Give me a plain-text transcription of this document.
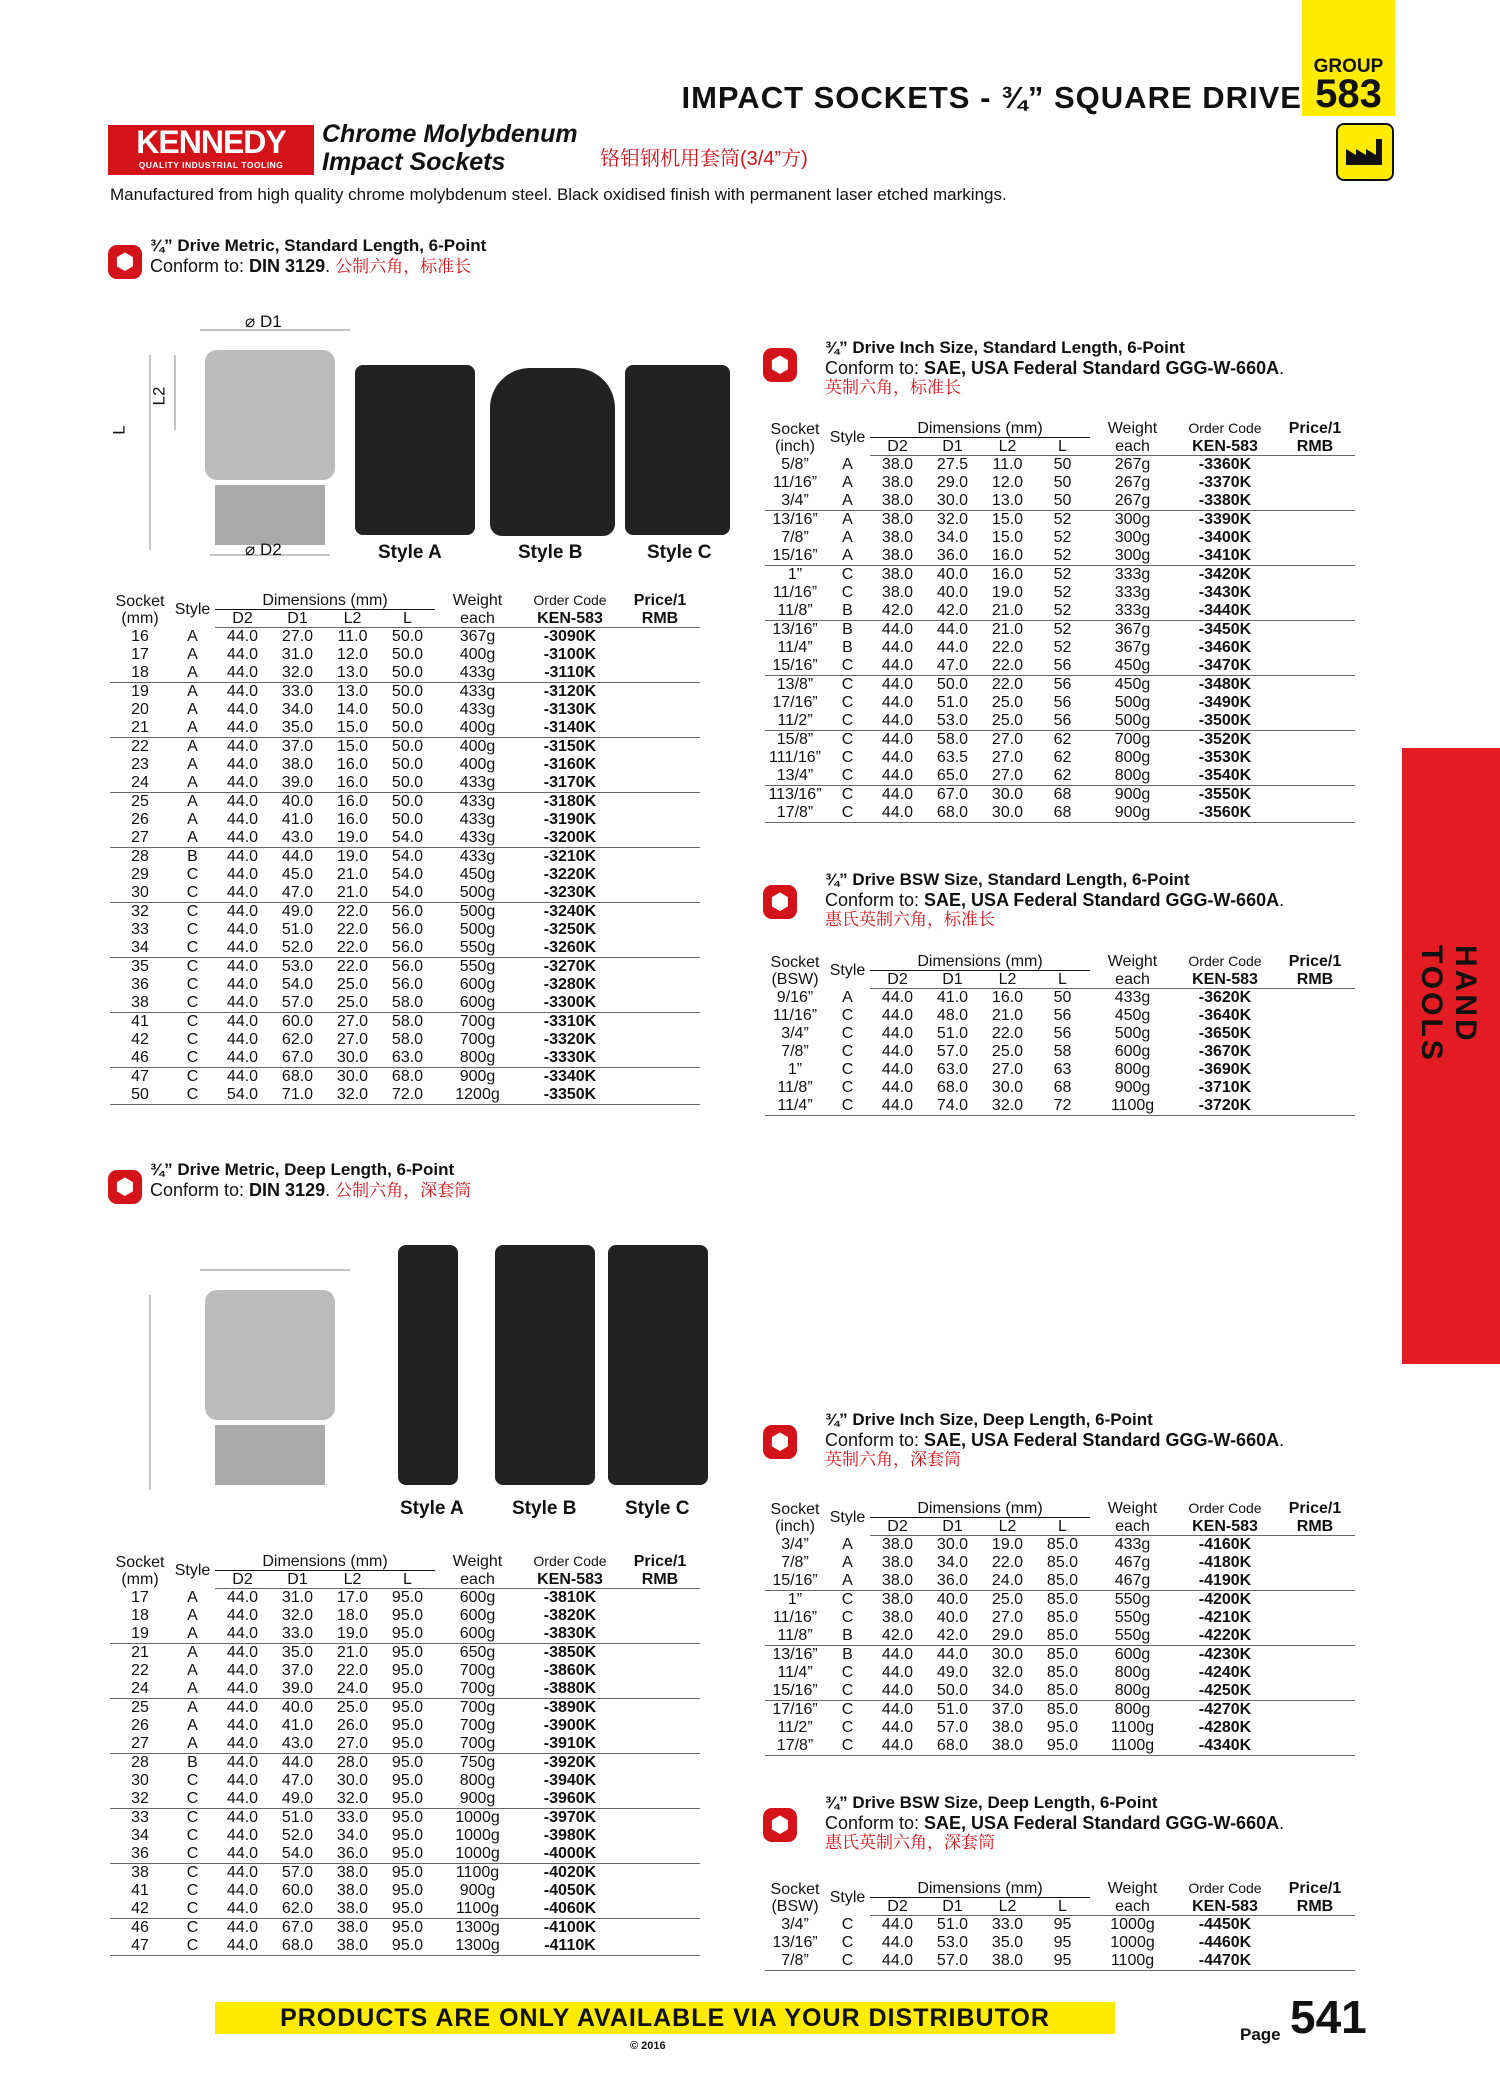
IMPACT SOCKETS - ¾” SQUARE DRIVE
GROUP
583
HAND TOOLS
KENNEDY
QUALITY INDUSTRIAL TOOLING
Chrome Molybdenum
Impact Sockets	铬钼钢机用套筒(3/4”方)
Manufactured from high quality chrome molybdenum steel. Black oxidised finish with permanent laser etched markings.
⬢
¾” Drive Metric, Standard Length, 6-Point
Conform to: DIN 3129. 公制六角，标准长
⌀ D1
⌀ D2
L2
L
Style A	Style B	Style C
Socket
(mm)	Style	Dimensions (mm)				Weight	Order Code	Price/1
		D2	D1	L2	L	each	KEN-583	RMB
16	A	44.0	27.0	11.0	50.0	367g	-3090K	
17	A	44.0	31.0	12.0	50.0	400g	-3100K	
18	A	44.0	32.0	13.0	50.0	433g	-3110K	
19	A	44.0	33.0	13.0	50.0	433g	-3120K	
20	A	44.0	34.0	14.0	50.0	433g	-3130K	
21	A	44.0	35.0	15.0	50.0	400g	-3140K	
22	A	44.0	37.0	15.0	50.0	400g	-3150K	
23	A	44.0	38.0	16.0	50.0	400g	-3160K	
24	A	44.0	39.0	16.0	50.0	433g	-3170K	
25	A	44.0	40.0	16.0	50.0	433g	-3180K	
26	A	44.0	41.0	16.0	50.0	433g	-3190K	
27	A	44.0	43.0	19.0	54.0	433g	-3200K	
28	B	44.0	44.0	19.0	54.0	433g	-3210K	
29	C	44.0	45.0	21.0	54.0	450g	-3220K	
30	C	44.0	47.0	21.0	54.0	500g	-3230K	
32	C	44.0	49.0	22.0	56.0	500g	-3240K	
33	C	44.0	51.0	22.0	56.0	500g	-3250K	
34	C	44.0	52.0	22.0	56.0	550g	-3260K	
35	C	44.0	53.0	22.0	56.0	550g	-3270K	
36	C	44.0	54.0	25.0	56.0	600g	-3280K	
38	C	44.0	57.0	25.0	58.0	600g	-3300K	
41	C	44.0	60.0	27.0	58.0	700g	-3310K	
42	C	44.0	62.0	27.0	58.0	700g	-3320K	
46	C	44.0	67.0	30.0	63.0	800g	-3330K	
47	C	44.0	68.0	30.0	68.0	900g	-3340K	
50	C	54.0	71.0	32.0	72.0	1200g	-3350K	
⬢
¾” Drive Metric, Deep Length, 6-Point
Conform to: DIN 3129. 公制六角，深套筒
Style A	Style B	Style C
Socket
(mm)	Style	Dimensions (mm)				Weight	Order Code	Price/1
		D2	D1	L2	L	each	KEN-583	RMB
17	A	44.0	31.0	17.0	95.0	600g	-3810K	
18	A	44.0	32.0	18.0	95.0	600g	-3820K	
19	A	44.0	33.0	19.0	95.0	600g	-3830K	
21	A	44.0	35.0	21.0	95.0	650g	-3850K	
22	A	44.0	37.0	22.0	95.0	700g	-3860K	
24	A	44.0	39.0	24.0	95.0	700g	-3880K	
25	A	44.0	40.0	25.0	95.0	700g	-3890K	
26	A	44.0	41.0	26.0	95.0	700g	-3900K	
27	A	44.0	43.0	27.0	95.0	700g	-3910K	
28	B	44.0	44.0	28.0	95.0	750g	-3920K	
30	C	44.0	47.0	30.0	95.0	800g	-3940K	
32	C	44.0	49.0	32.0	95.0	900g	-3960K	
33	C	44.0	51.0	33.0	95.0	1000g	-3970K	
34	C	44.0	52.0	34.0	95.0	1000g	-3980K	
36	C	44.0	54.0	36.0	95.0	1000g	-4000K	
38	C	44.0	57.0	38.0	95.0	1100g	-4020K	
41	C	44.0	60.0	38.0	95.0	900g	-4050K	
42	C	44.0	62.0	38.0	95.0	1100g	-4060K	
46	C	44.0	67.0	38.0	95.0	1300g	-4100K	
47	C	44.0	68.0	38.0	95.0	1300g	-4110K	
⬢
¾” Drive Inch Size, Standard Length, 6-Point
Conform to: SAE, USA Federal Standard GGG-W-660A.
英制六角，标准长
Socket
(inch)	Style	Dimensions (mm)				Weight	Order Code	Price/1
		D2	D1	L2	L	each	KEN-583	RMB
5/8”	A	38.0	27.5	11.0	50	267g	-3360K	
11/16”	A	38.0	29.0	12.0	50	267g	-3370K	
3/4”	A	38.0	30.0	13.0	50	267g	-3380K	
13/16”	A	38.0	32.0	15.0	52	300g	-3390K	
7/8”	A	38.0	34.0	15.0	52	300g	-3400K	
15/16”	A	38.0	36.0	16.0	52	300g	-3410K	
1”	C	38.0	40.0	16.0	52	333g	-3420K	
11/16”	C	38.0	40.0	19.0	52	333g	-3430K	
11/8”	B	42.0	42.0	21.0	52	333g	-3440K	
13/16”	B	44.0	44.0	21.0	52	367g	-3450K	
11/4”	B	44.0	44.0	22.0	52	367g	-3460K	
15/16”	C	44.0	47.0	22.0	56	450g	-3470K	
13/8”	C	44.0	50.0	22.0	56	450g	-3480K	
17/16”	C	44.0	51.0	25.0	56	500g	-3490K	
11/2”	C	44.0	53.0	25.0	56	500g	-3500K	
15/8”	C	44.0	58.0	27.0	62	700g	-3520K	
111/16”	C	44.0	63.5	27.0	62	800g	-3530K	
13/4”	C	44.0	65.0	27.0	62	800g	-3540K	
113/16”	C	44.0	67.0	30.0	68	900g	-3550K	
17/8”	C	44.0	68.0	30.0	68	900g	-3560K	
⬢
¾” Drive BSW Size, Standard Length, 6-Point
Conform to: SAE, USA Federal Standard GGG-W-660A.
惠氏英制六角，标准长
Socket
(BSW)	Style	Dimensions (mm)				Weight	Order Code	Price/1
		D2	D1	L2	L	each	KEN-583	RMB
9/16”	A	44.0	41.0	16.0	50	433g	-3620K	
11/16”	C	44.0	48.0	21.0	56	450g	-3640K	
3/4”	C	44.0	51.0	22.0	56	500g	-3650K	
7/8”	C	44.0	57.0	25.0	58	600g	-3670K	
1”	C	44.0	63.0	27.0	63	800g	-3690K	
11/8”	C	44.0	68.0	30.0	68	900g	-3710K	
11/4”	C	44.0	74.0	32.0	72	1100g	-3720K	
⬢
¾” Drive Inch Size, Deep Length, 6-Point
Conform to: SAE, USA Federal Standard GGG-W-660A.
英制六角，深套筒
Socket
(inch)	Style	Dimensions (mm)				Weight	Order Code	Price/1
		D2	D1	L2	L	each	KEN-583	RMB
3/4”	A	38.0	30.0	19.0	85.0	433g	-4160K	
7/8”	A	38.0	34.0	22.0	85.0	467g	-4180K	
15/16”	A	38.0	36.0	24.0	85.0	467g	-4190K	
1”	C	38.0	40.0	25.0	85.0	550g	-4200K	
11/16”	C	38.0	40.0	27.0	85.0	550g	-4210K	
11/8”	B	42.0	42.0	29.0	85.0	550g	-4220K	
13/16”	B	44.0	44.0	30.0	85.0	600g	-4230K	
11/4”	C	44.0	49.0	32.0	85.0	800g	-4240K	
15/16”	C	44.0	50.0	34.0	85.0	800g	-4250K	
17/16”	C	44.0	51.0	37.0	85.0	800g	-4270K	
11/2”	C	44.0	57.0	38.0	95.0	1100g	-4280K	
17/8”	C	44.0	68.0	38.0	95.0	1100g	-4340K	
⬢
¾” Drive BSW Size, Deep Length, 6-Point
Conform to: SAE, USA Federal Standard GGG-W-660A.
惠氏英制六角，深套筒
Socket
(BSW)	Style	Dimensions (mm)				Weight	Order Code	Price/1
		D2	D1	L2	L	each	KEN-583	RMB
3/4”	C	44.0	51.0	33.0	95	1000g	-4450K	
13/16”	C	44.0	53.0	35.0	95	1000g	-4460K	
7/8”	C	44.0	57.0	38.0	95	1100g	-4470K	
PRODUCTS ARE ONLY AVAILABLE VIA YOUR DISTRIBUTOR
© 2016
Page 541
